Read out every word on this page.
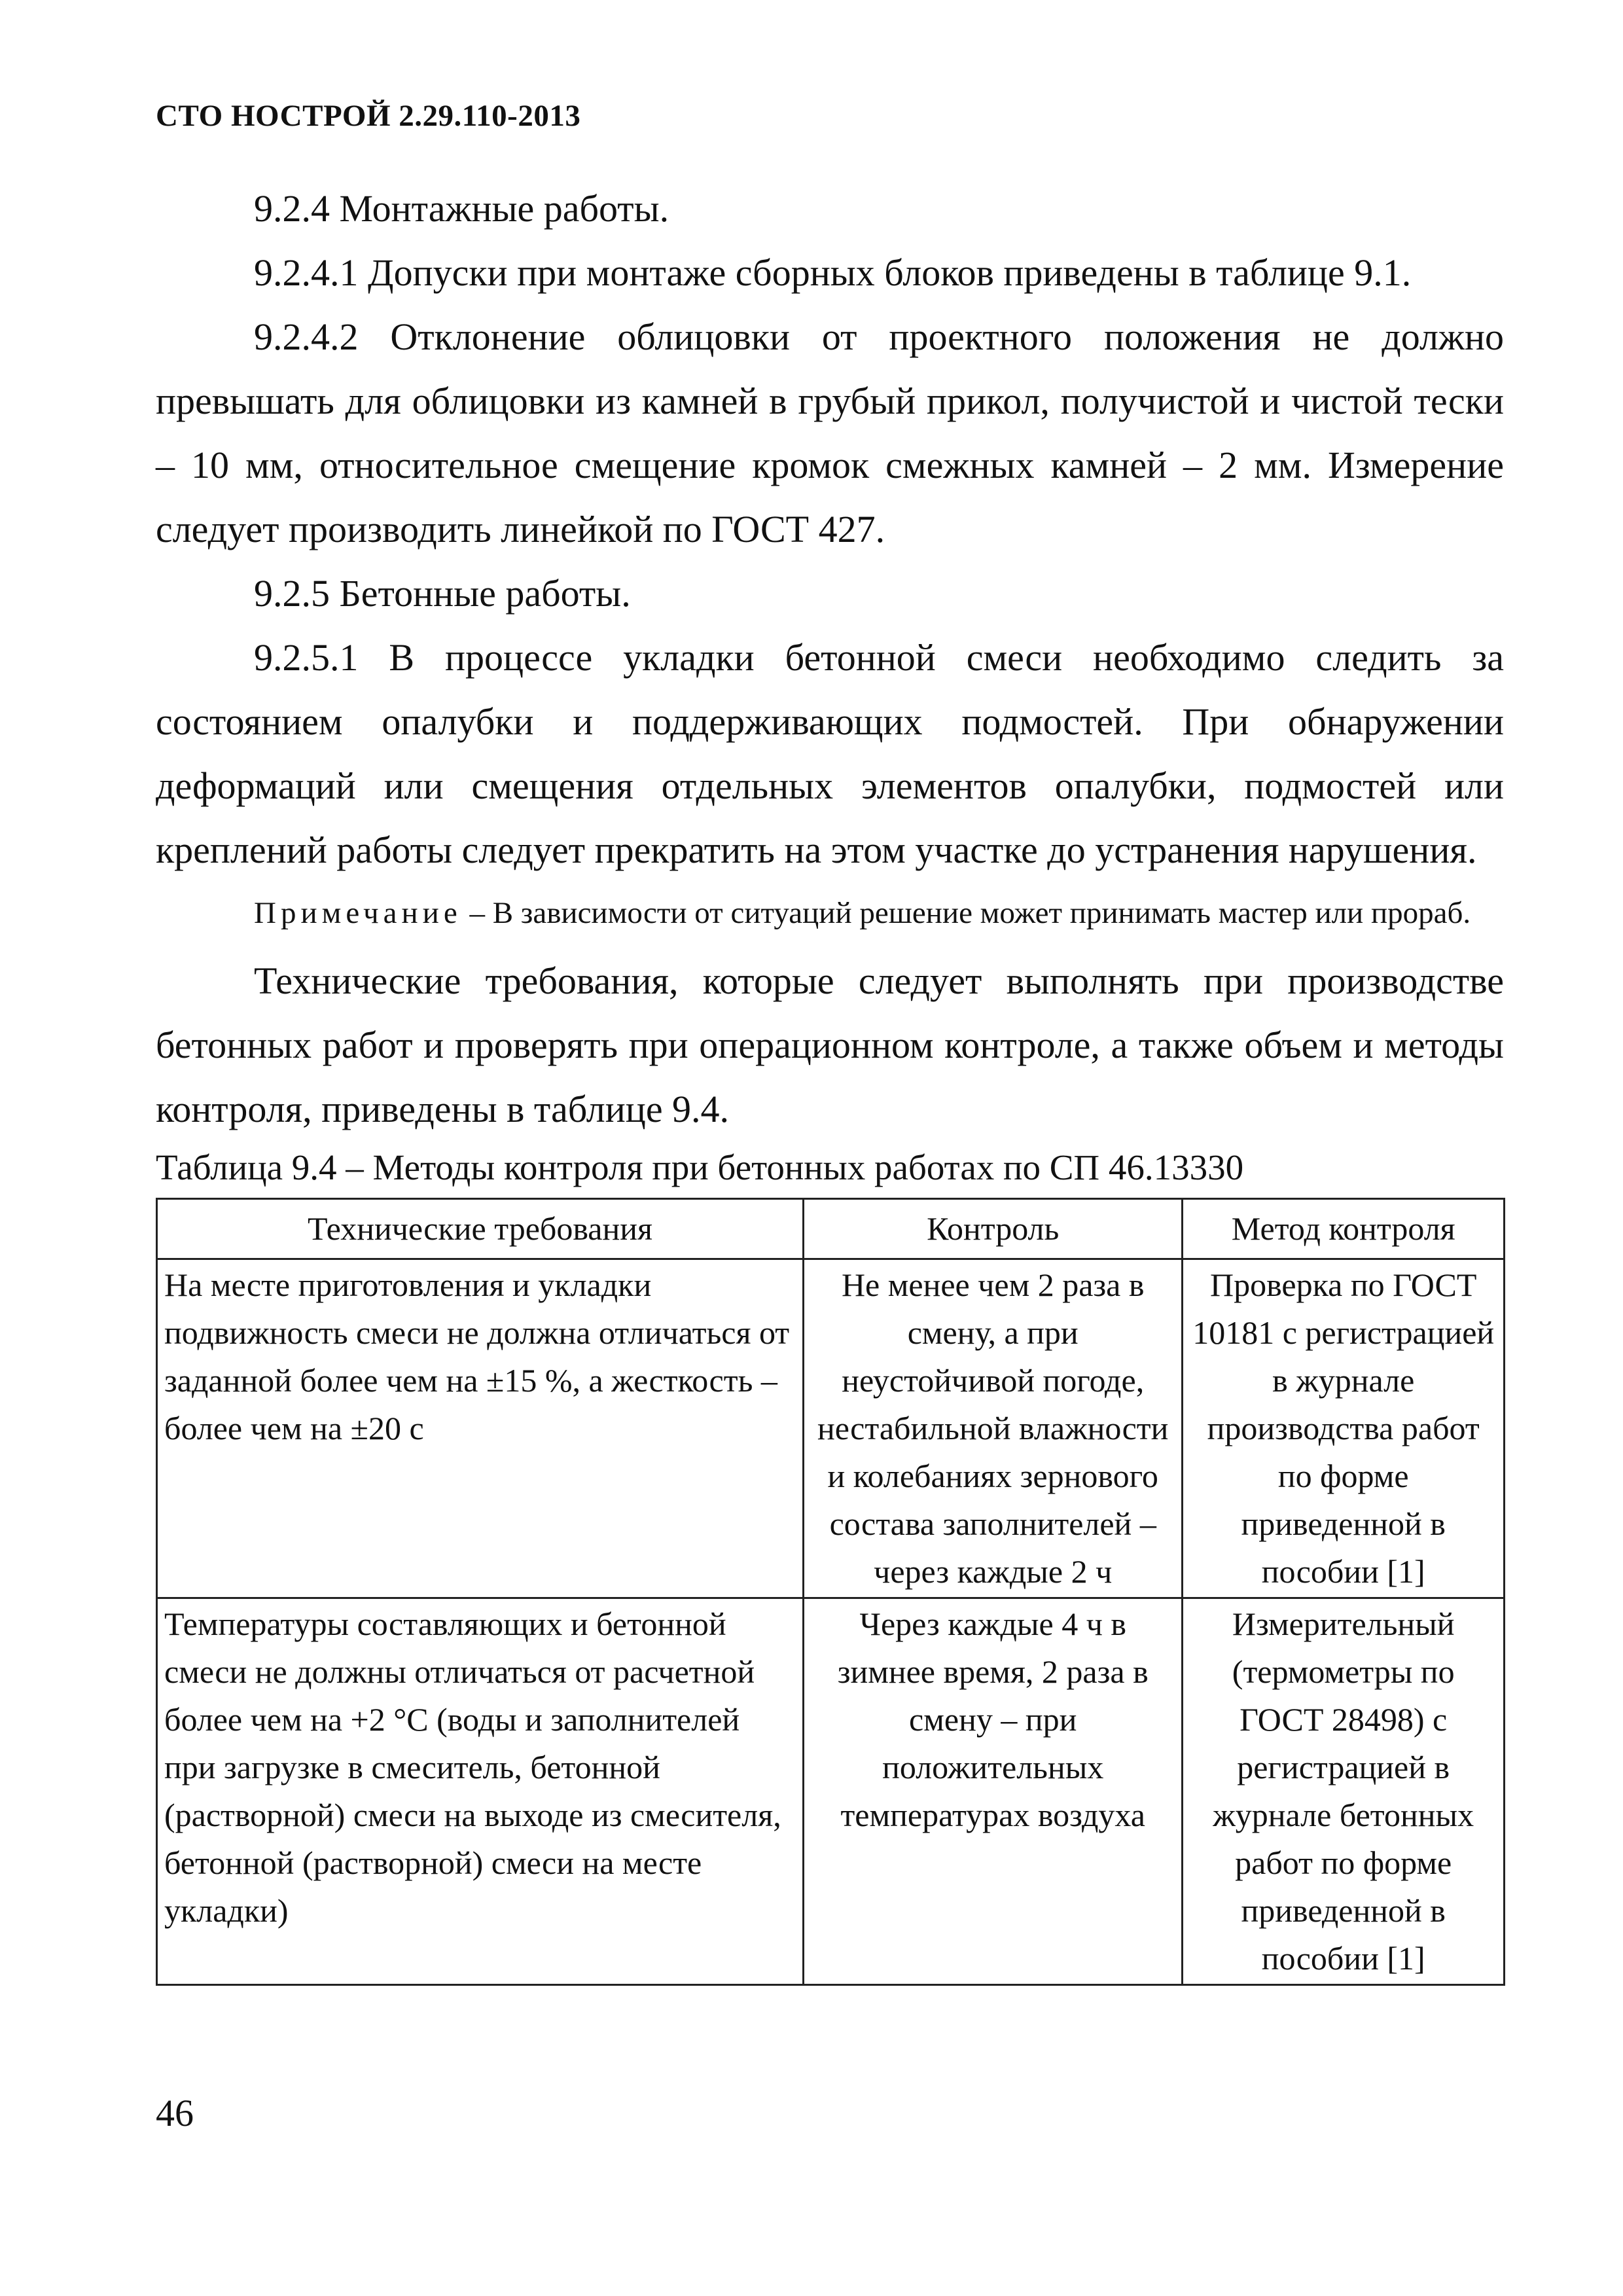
СТО НОСТРОЙ 2.29.110-2013

9.2.4 Монтажные работы.

9.2.4.1 Допуски при монтаже сборных блоков приведены в таблице 9.1.

9.2.4.2 Отклонение облицовки от проектного положения не должно превышать для облицовки из камней в грубый прикол, получистой и чистой тески – 10 мм, относительное смещение кромок смежных камней – 2 мм. Измерение следует производить линейкой по ГОСТ 427.

9.2.5 Бетонные работы.

9.2.5.1 В процессе укладки бетонной смеси необходимо следить за состоянием опалубки и поддерживающих подмостей. При обнаружении деформаций или смещения отдельных элементов опалубки, подмостей или креплений работы следует прекратить на этом участке до устранения нарушения.

Примечание – В зависимости от ситуаций решение может принимать мастер или прораб.

Технические требования, которые следует выполнять при производстве бетонных работ и проверять при операционном контроле, а также объем и методы контроля, приведены в таблице 9.4.

Таблица 9.4 – Методы контроля при бетонных работах по СП 46.13330

Технические требования	Контроль	Метод контроля
На месте приготовления и укладки подвижность смеси не должна отличаться от заданной более чем на ±15 %, а жесткость – более чем на ±20 с	Не менее чем 2 раза в смену, а при неустойчивой погоде, нестабильной влажности и колебаниях зернового состава заполнителей – через каждые 2 ч	Проверка по ГОСТ 10181 с регистрацией в журнале производства работ по форме приведенной в пособии [1]
Температуры составляющих и бетонной смеси не должны отличаться от расчетной более чем на +2 °С (воды и заполнителей при загрузке в смеситель, бетонной (растворной) смеси на выходе из смесителя, бетонной (растворной) смеси на месте укладки)	Через каждые 4 ч в зимнее время, 2 раза в смену – при положительных температурах воздуха	Измерительный (термометры по ГОСТ 28498) с регистрацией в журнале бетонных работ по форме приведенной в пособии [1]
46
